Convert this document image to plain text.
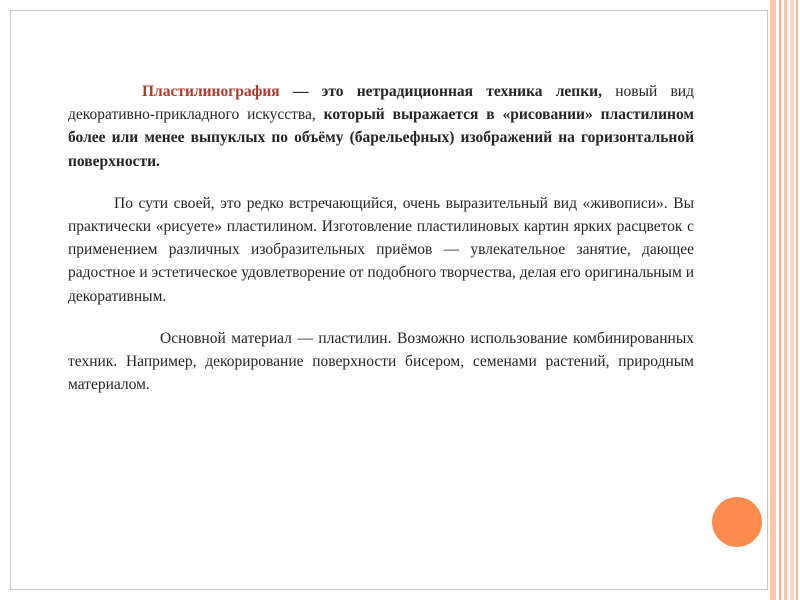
Пластилинография — это нетрадиционная техника лепки, новый вид декоративно-прикладного искусства, который выражается в «рисовании» пластилином более или менее выпуклых по объёму (барельефных) изображений на горизонтальной поверхности.

По сути своей, это редко встречающийся, очень выразительный вид «живописи». Вы практически «рисуете» пластилином. Изготовление пластилиновых картин ярких расцветок с применением различных изобразительных приёмов — увлекательное занятие, дающее радостное и эстетическое удовлетворение от подобного творчества, делая его оригинальным и декоративным.

Основной материал — пластилин. Возможно использование комбинированных техник. Например, декорирование поверхности бисером, семенами растений, природным материалом.
